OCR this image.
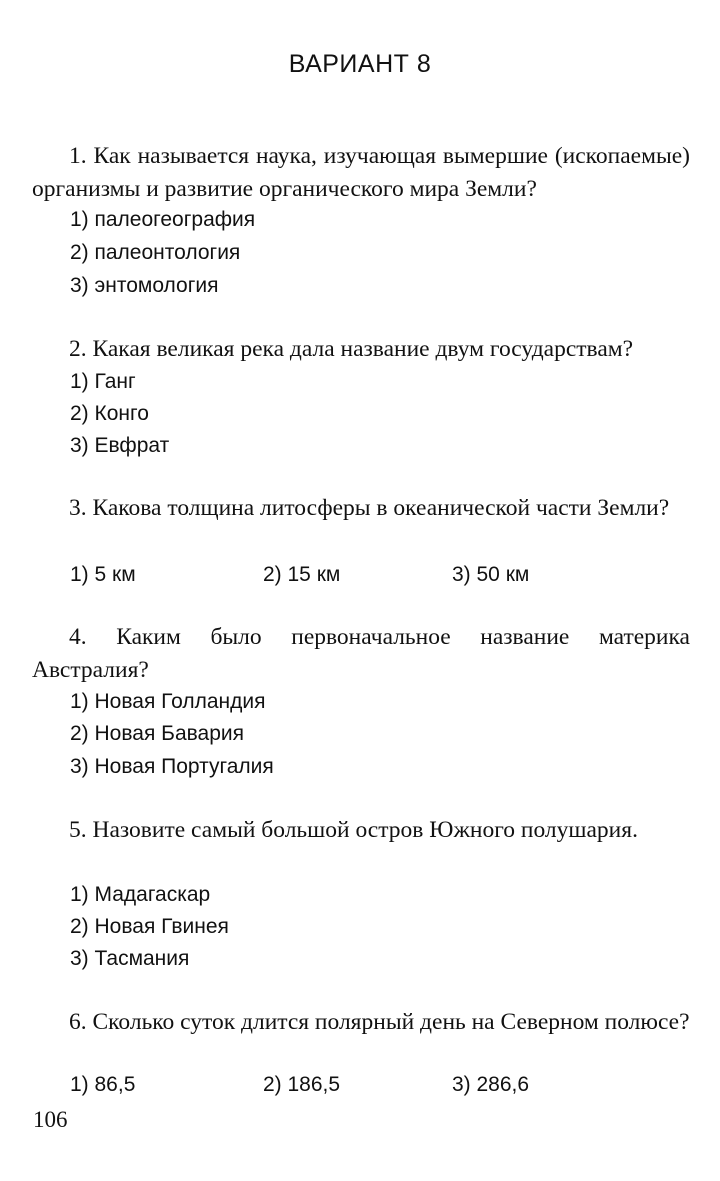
ВАРИАНТ 8
1. Как называется наука, изучающая вымершие (ископаемые) организмы и развитие органического мира Земли?
1) палеогеография
2) палеонтология
3) энтомология
2. Какая великая река дала название двум государствам?
1) Ганг
2) Конго
3) Евфрат
3. Какова толщина литосферы в океанической части Земли?
1) 5 км	2) 15 км	3) 50 км
4. Каким было первоначальное название материка Австралия?
1) Новая Голландия
2) Новая Бавария
3) Новая Португалия
5. Назовите самый большой остров Южного полушария.
1) Мадагаскар
2) Новая Гвинея
3) Тасмания
6. Сколько суток длится полярный день на Северном полюсе?
1) 86,5	2) 186,5	3) 286,6
106
